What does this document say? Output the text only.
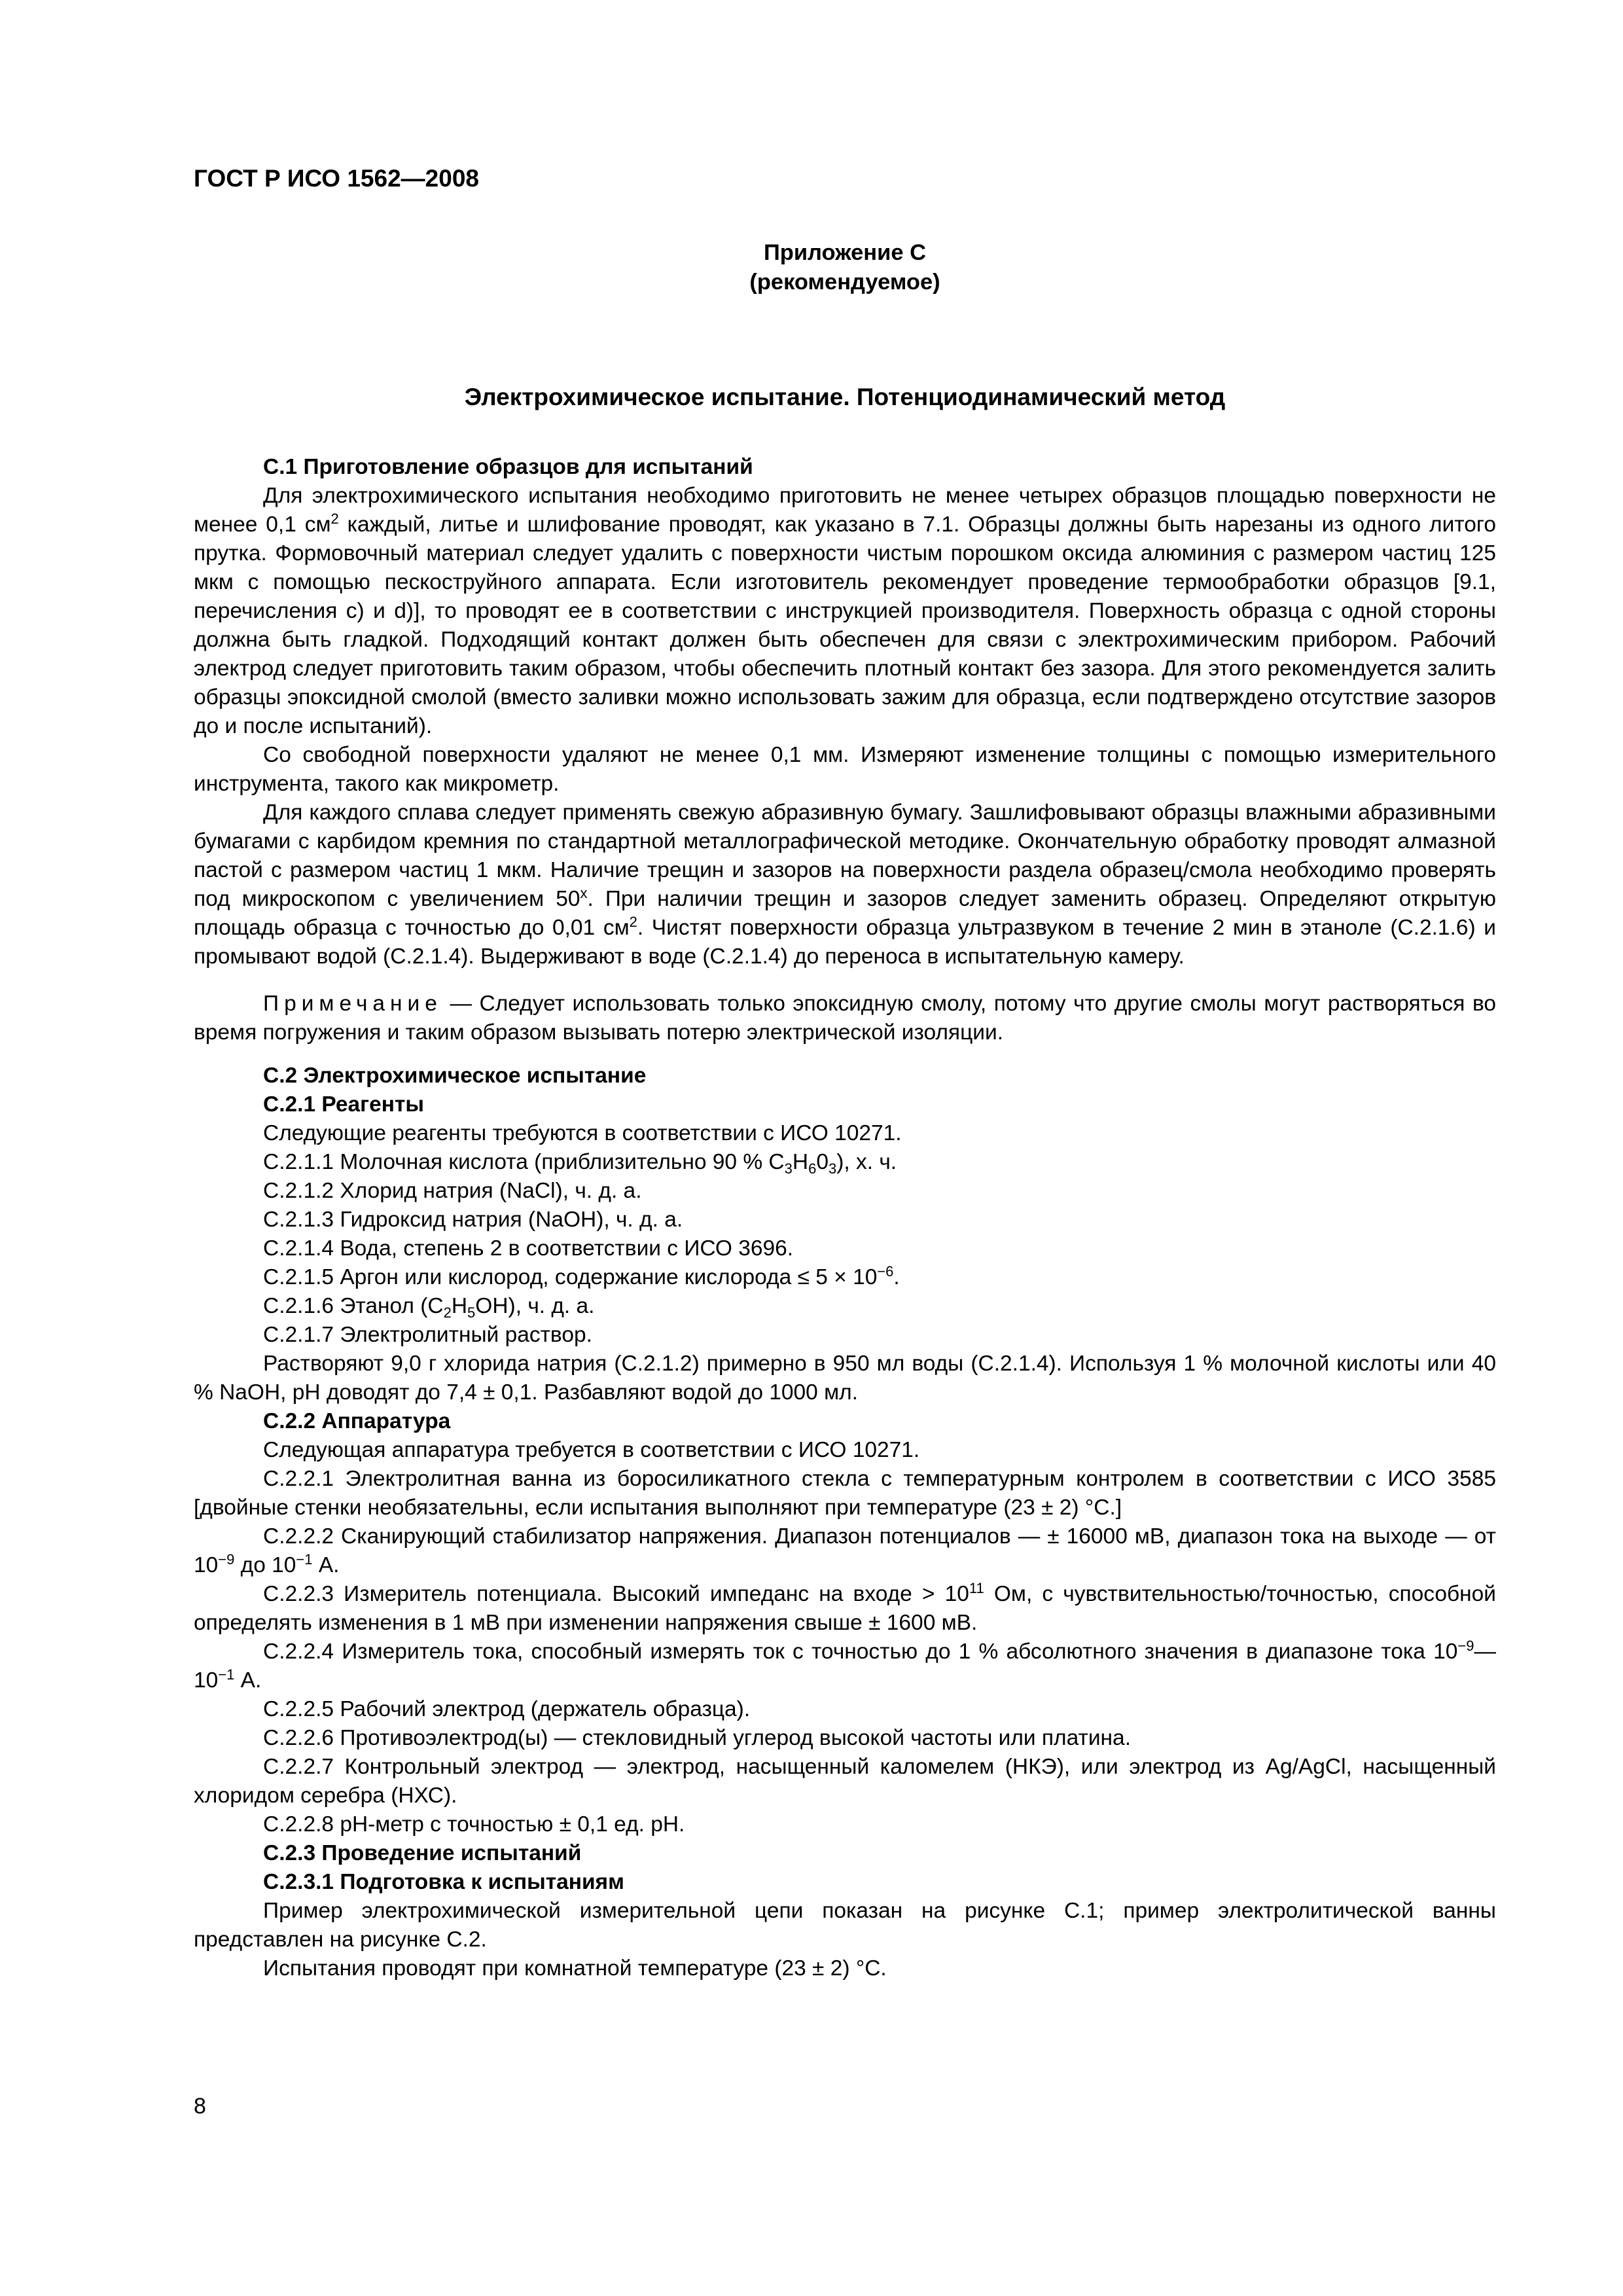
ГОСТ Р ИСО 1562—2008
Приложение С
(рекомендуемое)
Электрохимическое испытание. Потенциодинамический метод

С.1 Приготовление образцов для испытаний

Для электрохимического испытания необходимо приготовить не менее четырех образцов площадью поверхности не менее 0,1 $см^2$ каждый, литье и шлифование проводят, как указано в 7.1. Образцы должны быть нарезаны из одного литого прутка. Формовочный материал следует удалить с поверхности чистым порошком оксида алюминия с размером частиц 125 мкм с помощью пескоструйного аппарата. Если изготовитель рекомендует проведение термообработки образцов [9.1, перечисления с) и d)], то проводят ее в соответствии с инструкцией производителя. Поверхность образца с одной стороны должна быть гладкой. Подходящий контакт должен быть обеспечен для связи с электрохимическим прибором. Рабочий электрод следует приготовить таким образом, чтобы обеспечить плотный контакт без зазора. Для этого рекомендуется залить образцы эпоксидной смолой (вместо заливки можно использовать зажим для образца, если подтверждено отсутствие зазоров до и после испытаний).

Со свободной поверхности удаляют не менее 0,1 мм. Измеряют изменение толщины с помощью измерительного инструмента, такого как микрометр.

Для каждого сплава следует применять свежую абразивную бумагу. Зашлифовывают образцы влажными абразивными бумагами с карбидом кремния по стандартной металлографической методике. Окончательную обработку проводят алмазной пастой с размером частиц 1 мкм. Наличие трещин и зазоров на поверхности раздела образец/смола необходимо проверять под микроскопом с увеличением $50^х$. При наличии трещин и зазоров следует заменить образец. Определяют открытую площадь образца с точностью до 0,01 $см^2$. Чистят поверхности образца ультразвуком в течение 2 мин в этаноле (С.2.1.6) и промывают водой (С.2.1.4). Выдерживают в воде (С.2.1.4) до переноса в испытательную камеру.

Примечание — Следует использовать только эпоксидную смолу, потому что другие смолы могут растворяться во время погружения и таким образом вызывать потерю электрической изоляции.

С.2 Электрохимическое испытание

С.2.1 Реагенты

Следующие реагенты требуются в соответствии с ИСО 10271.

С.2.1.1 Молочная кислота (приблизительно 90 % $С_3Н_60_3$), х. ч.

С.2.1.2 Хлорид натрия (NaCl), ч. д. а.

С.2.1.3 Гидроксид натрия (NaOH), ч. д. а.

С.2.1.4 Вода, степень 2 в соответствии с ИСО 3696.

С.2.1.5 Аргон или кислород, содержание кислорода ≤ $5 \times 10^{-6}$.

С.2.1.6 Этанол $(С_2Н_5ОН)$, ч. д. а.

С.2.1.7 Электролитный раствор.

Растворяют 9,0 г хлорида натрия (С.2.1.2) примерно в 950 мл воды (С.2.1.4). Используя 1 % молочной кислоты или 40 % NaOH, pH доводят до 7,4 ± 0,1. Разбавляют водой до 1000 мл.

С.2.2 Аппаратура

Следующая аппаратура требуется в соответствии с ИСО 10271.

С.2.2.1 Электролитная ванна из боросиликатного стекла с температурным контролем в соответствии с ИСО 3585 [двойные стенки необязательны, если испытания выполняют при температуре (23 ± 2) °С.]

С.2.2.2 Сканирующий стабилизатор напряжения. Диапазон потенциалов — ± 16000 мВ, диапазон тока на выходе — от $10^{-9}$ до $10^{-1}$ А.

С.2.2.3 Измеритель потенциала. Высокий импеданс на входе > $10^{11}$ Ом, с чувствительностью/точностью, способной определять изменения в 1 мВ при изменении напряжения свыше ± 1600 мВ.

С.2.2.4 Измеритель тока, способный измерять ток с точностью до 1 % абсолютного значения в диапазоне тока $10^{-9}—10^{-1}$ А.

С.2.2.5 Рабочий электрод (держатель образца).

С.2.2.6 Противоэлектрод(ы) — стекловидный углерод высокой частоты или платина.

С.2.2.7 Контрольный электрод — электрод, насыщенный каломелем (НКЭ), или электрод из Ag/AgCl, насыщенный хлоридом серебра (НХС).

С.2.2.8 pH-метр с точностью ± 0,1 ед. pH.

С.2.3 Проведение испытаний

С.2.3.1 Подготовка к испытаниям

Пример электрохимической измерительной цепи показан на рисунке С.1; пример электролитической ванны представлен на рисунке С.2.

Испытания проводят при комнатной температуре (23 ± 2) °С.

8
